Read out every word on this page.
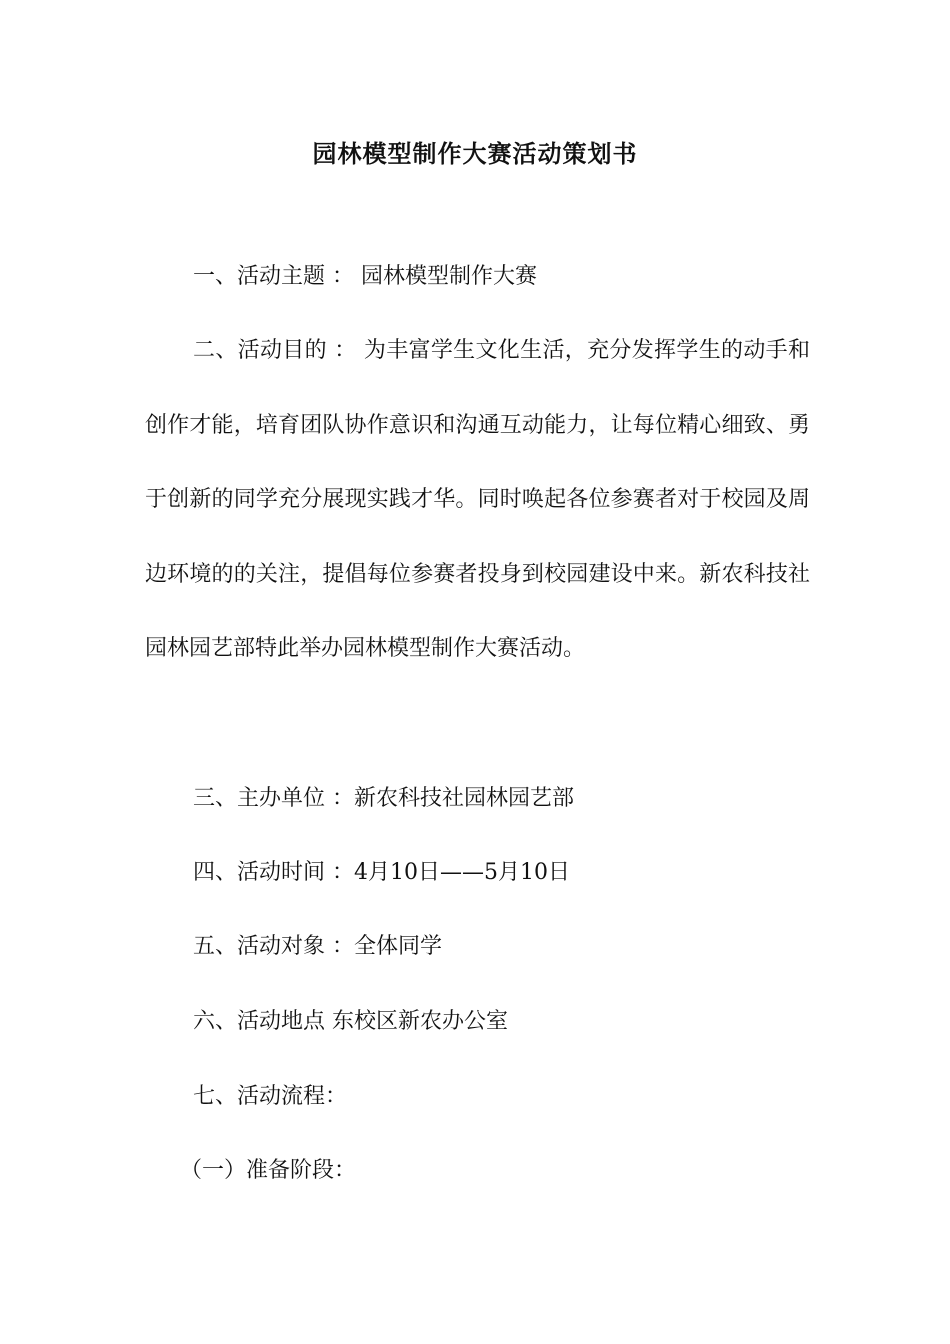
园林模型制作大赛活动策划书
一、活动主题 ： 园林模型制作大赛
二、活动目的 ： 为丰富学生文化生活，充分发挥学生的动手和创作才能，培育团队协作意识和沟通互动能力，让每位精心细致、勇于创新的同学充分展现实践才华。同时唤起各位参赛者对于校园及周边环境的的关注，提倡每位参赛者投身到校园建设中来。新农科技社园林园艺部特此举办园林模型制作大赛活动。
三、主办单位 ：新农科技社园林园艺部
四、活动时间 ：4月10日——5月10日
五、活动对象 ：全体同学
六、活动地点 东校区新农办公室
七、活动流程：
（一）准备阶段：
